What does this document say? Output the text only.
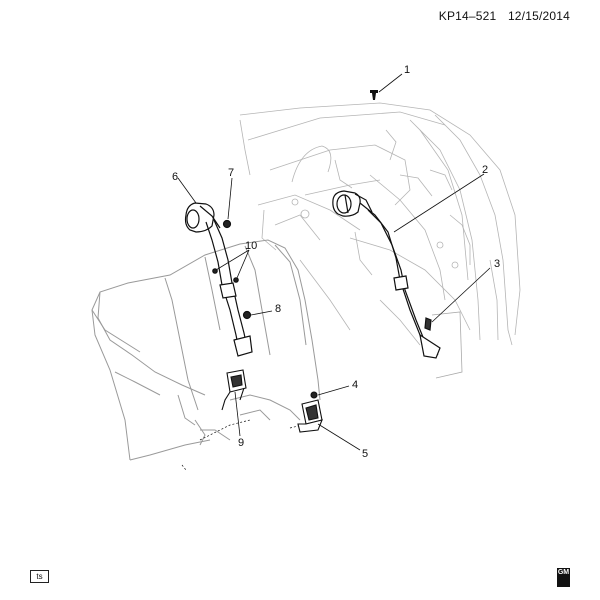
KP14–521 12/15/2014
1
2
3
4
5
6	7
8
9
10
ts	GM
